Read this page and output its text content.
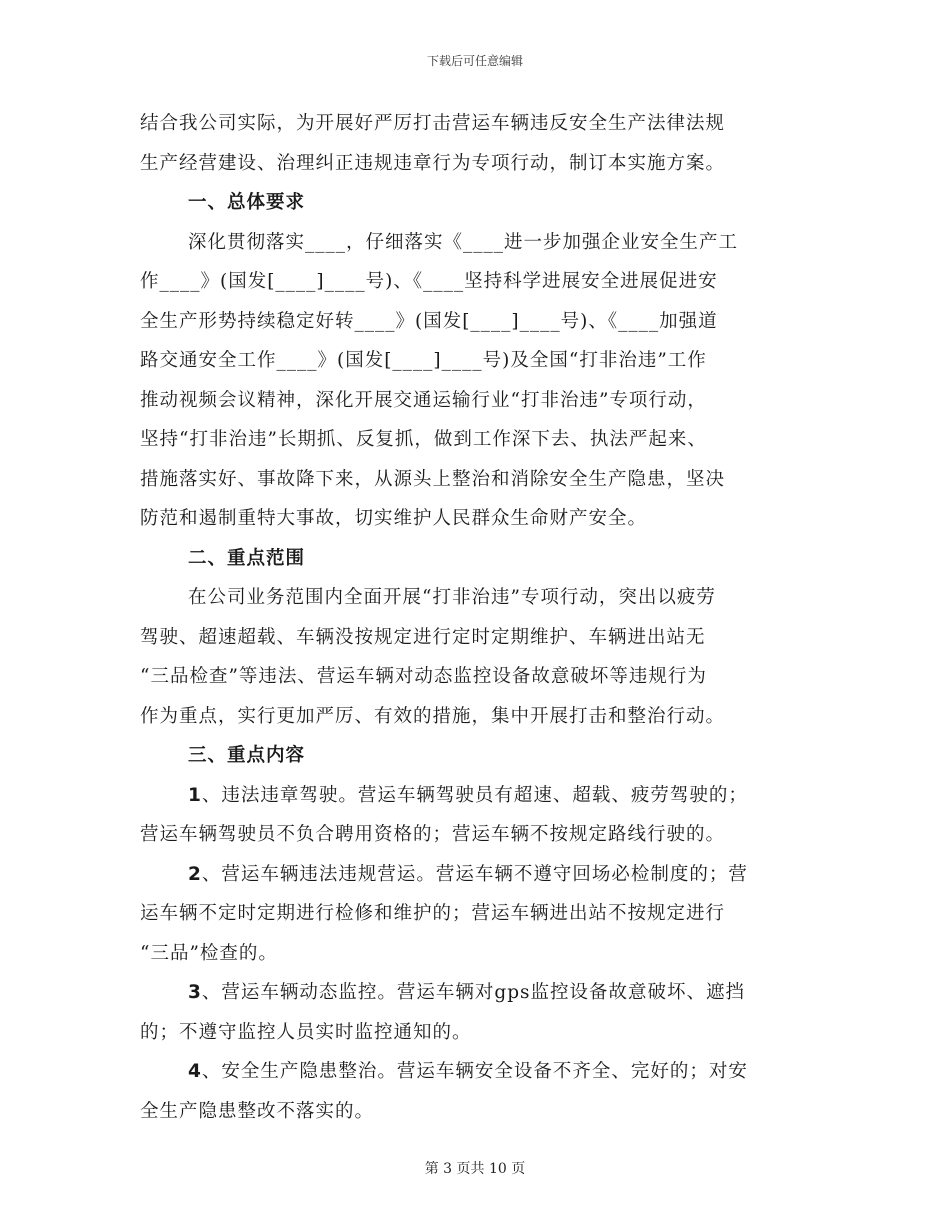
下载后可任意编辑
结合我公司实际，为开展好严厉打击营运车辆违反安全生产法律法规
生产经营建设、治理纠正违规违章行为专项行动，制订本实施方案。
一、总体要求
深化贯彻落实____，仔细落实《____进一步加强企业安全生产工
作____》(国发[____]____号)、《____坚持科学进展安全进展促进安
全生产形势持续稳定好转____》(国发[____]____号)、《____加强道
路交通安全工作____》(国发[____]____号)及全国“打非治违”工作
推动视频会议精神，深化开展交通运输行业“打非治违”专项行动，
坚持“打非治违”长期抓、反复抓，做到工作深下去、执法严起来、
措施落实好、事故降下来，从源头上整治和消除安全生产隐患，坚决
防范和遏制重特大事故，切实维护人民群众生命财产安全。
二、重点范围
在公司业务范围内全面开展“打非治违”专项行动，突出以疲劳
驾驶、超速超载、车辆没按规定进行定时定期维护、车辆进出站无
“三品检查”等违法、营运车辆对动态监控设备故意破坏等违规行为
作为重点，实行更加严厉、有效的措施，集中开展打击和整治行动。
三、重点内容
1、违法违章驾驶。营运车辆驾驶员有超速、超载、疲劳驾驶的；
营运车辆驾驶员不负合聘用资格的；营运车辆不按规定路线行驶的。
2、营运车辆违法违规营运。营运车辆不遵守回场必检制度的；营
运车辆不定时定期进行检修和维护的；营运车辆进出站不按规定进行
“三品”检查的。
3、营运车辆动态监控。营运车辆对gps监控设备故意破坏、遮挡
的；不遵守监控人员实时监控通知的。
4、安全生产隐患整治。营运车辆安全设备不齐全、完好的；对安
全生产隐患整改不落实的。
第 3 页共 10 页
